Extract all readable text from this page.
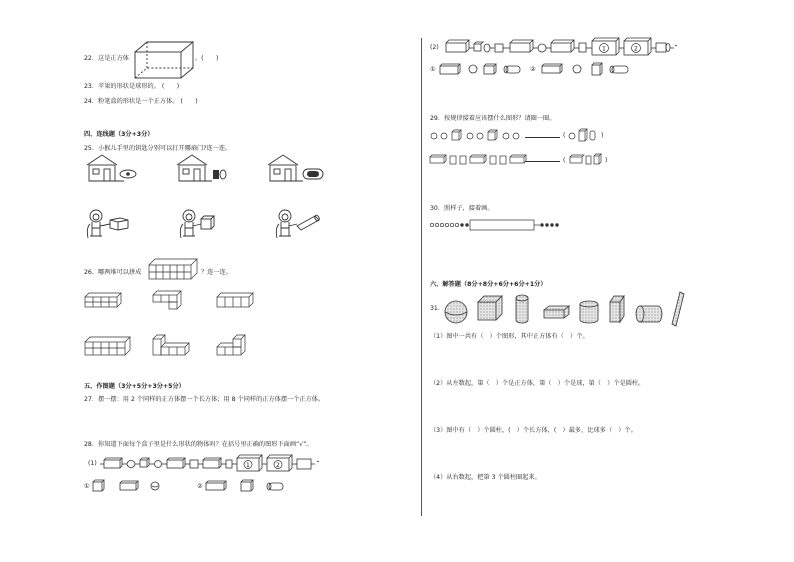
22．这是正方体	。(　　)
23．苹果的形状是球形的。 (　　)
24．粉笔盒的形状是一个正方体。 (　　)
四、连线题（3分+3分）
25．小猴儿手里的钥匙分别可以打开哪扇门?连一连。
26．哪两堆可以拼成	？连一连。
五、作图题（3分+5分+3分+5分）
27．摆一摆：用 2 个同样的正方体摆一个长方体；用 8 个同样的正方体摆一个正方体。
28．你知道下面每个盒子里是什么形状的物体吗？在括号里正确的图形下面画“√”。
(1)	1	2
①	②
(2)	1	2
①	②
29．按规律接着应该摆什么图形？请圈一圈。
(	)
(	)
30．照样子，接着画。
六、解答题（8分+8分+6分+6分+1分）
31．
（1）图中一共有（　）个图形，其中正方体有（　）个。
（2）从左数起，第（　）个是正方体，第（　）个是球，第（　）个是圆柱。
（3）图中有（　）个圆柱，(　）个长方体，(　）最多，比球多（　）个。
（4）从右数起，把第 3 个圆柱圈起来。
